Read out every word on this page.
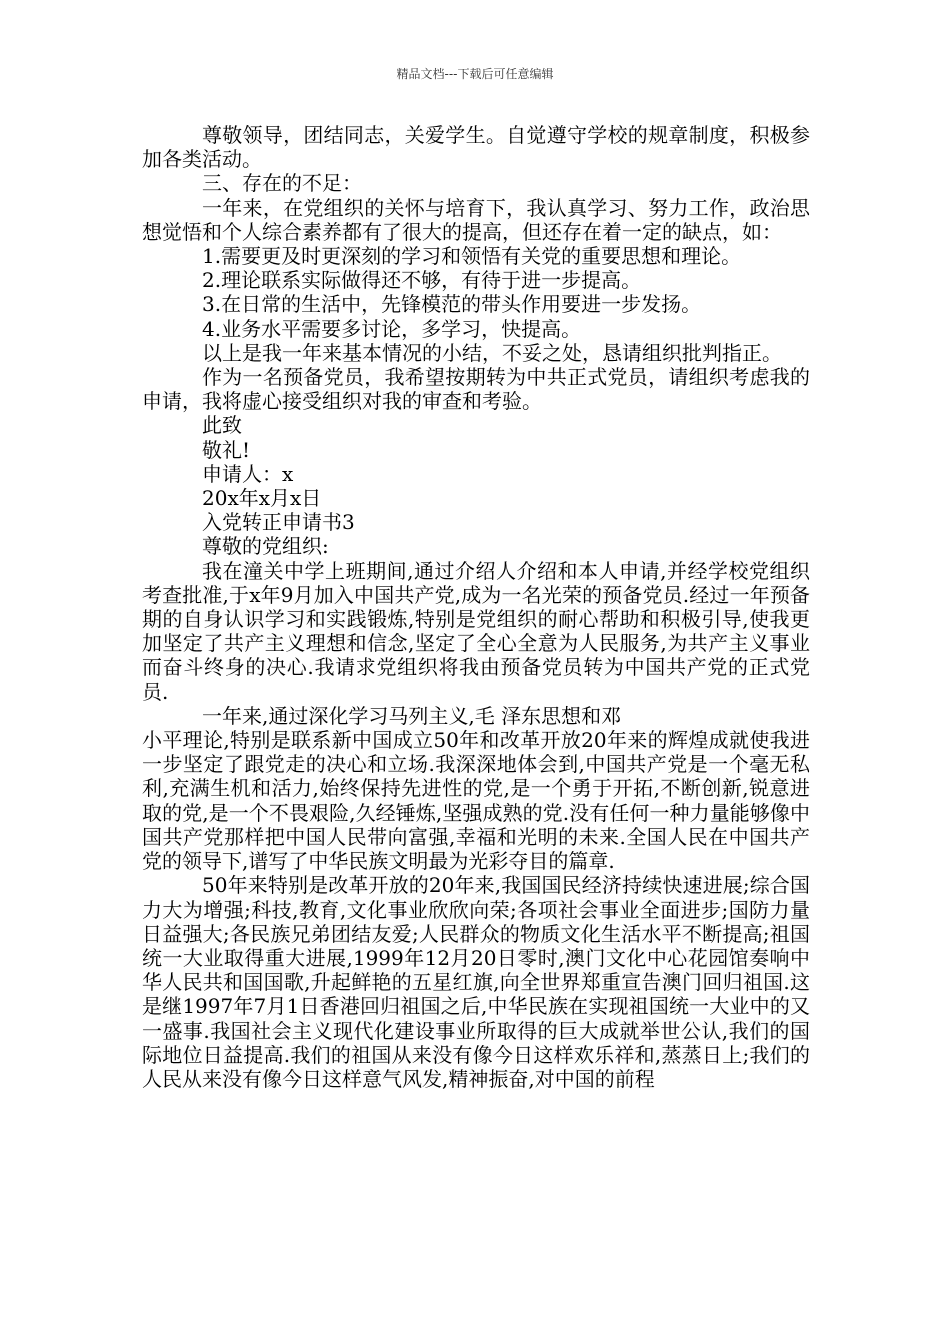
精品文档---下载后可任意编辑

尊敬领导，团结同志，关爱学生。自觉遵守学校的规章制度，积极参加各类活动。

三、存在的不足：

一年来，在党组织的关怀与培育下，我认真学习、努力工作，政治思想觉悟和个人综合素养都有了很大的提高，但还存在着一定的缺点，如：

1.需要更及时更深刻的学习和领悟有关党的重要思想和理论。

2.理论联系实际做得还不够，有待于进一步提高。

3.在日常的生活中，先锋模范的带头作用要进一步发扬。

4.业务水平需要多讨论，多学习，快提高。

以上是我一年来基本情况的小结，不妥之处，恳请组织批判指正。

作为一名预备党员，我希望按期转为中共正式党员，请组织考虑我的申请，我将虚心接受组织对我的审查和考验。

此致

敬礼!

申请人：x

20x年x月x日

入党转正申请书3

尊敬的党组织:

我在潼关中学上班期间,通过介绍人介绍和本人申请,并经学校党组织考查批准,于x年9月加入中国共产党,成为一名光荣的预备党员.经过一年预备期的自身认识学习和实践锻炼,特别是党组织的耐心帮助和积极引导,使我更加坚定了共产主义理想和信念,坚定了全心全意为人民服务,为共产主义事业而奋斗终身的决心.我请求党组织将我由预备党员转为中国共产党的正式党员.

一年来,通过深化学习马列主义,毛 泽东思想和邓

小平理论,特别是联系新中国成立50年和改革开放20年来的辉煌成就使我进一步坚定了跟党走的决心和立场.我深深地体会到,中国共产党是一个毫无私利,充满生机和活力,始终保持先进性的党,是一个勇于开拓,不断创新,锐意进取的党,是一个不畏艰险,久经锤炼,坚强成熟的党.没有任何一种力量能够像中国共产党那样把中国人民带向富强,幸福和光明的未来.全国人民在中国共产党的领导下,谱写了中华民族文明最为光彩夺目的篇章.

50年来特别是改革开放的20年来,我国国民经济持续快速进展;综合国力大为增强;科技,教育,文化事业欣欣向荣;各项社会事业全面进步;国防力量日益强大;各民族兄弟团结友爱;人民群众的物质文化生活水平不断提高;祖国统一大业取得重大进展,1999年12月20日零时,澳门文化中心花园馆奏响中华人民共和国国歌,升起鲜艳的五星红旗,向全世界郑重宣告澳门回归祖国.这是继1997年7月1日香港回归祖国之后,中华民族在实现祖国统一大业中的又一盛事.我国社会主义现代化建设事业所取得的巨大成就举世公认,我们的国际地位日益提高.我们的祖国从来没有像今日这样欢乐祥和,蒸蒸日上;我们的人民从来没有像今日这样意气风发,精神振奋,对中国的前程
